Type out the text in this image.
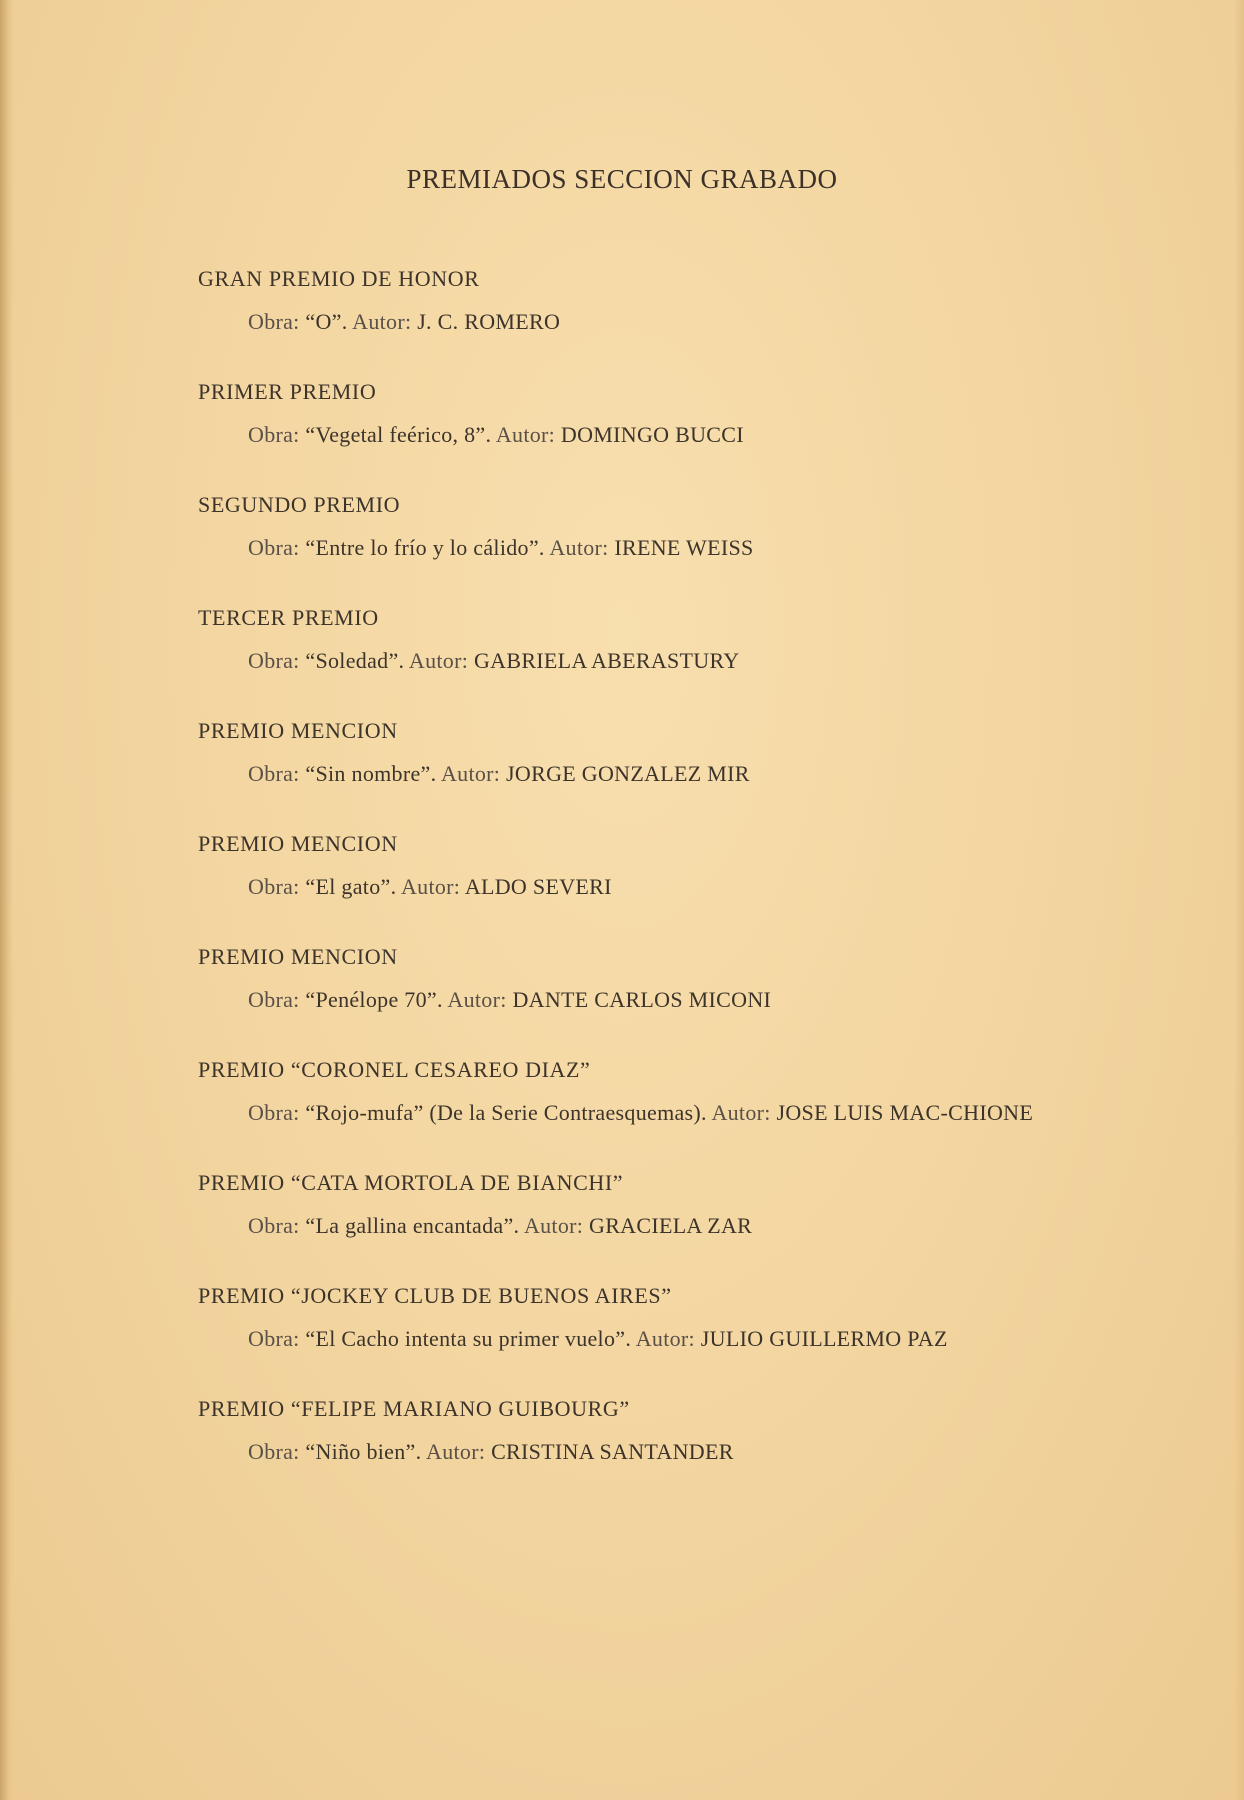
PREMIADOS SECCION GRABADO
GRAN PREMIO DE HONOR
Obra: “O”. Autor: J. C. ROMERO
PRIMER PREMIO
Obra: “Vegetal feérico, 8”. Autor: DOMINGO BUCCI
SEGUNDO PREMIO
Obra: “Entre lo frío y lo cálido”. Autor: IRENE WEISS
TERCER PREMIO
Obra: “Soledad”. Autor: GABRIELA ABERASTURY
PREMIO MENCION
Obra: “Sin nombre”. Autor: JORGE GONZALEZ MIR
PREMIO MENCION
Obra: “El gato”. Autor: ALDO SEVERI
PREMIO MENCION
Obra: “Penélope 70”. Autor: DANTE CARLOS MICONI
PREMIO “CORONEL CESAREO DIAZ”
Obra: “Rojo-mufa” (De la Serie Contraesquemas). Autor: JOSE LUIS MAC-CHIONE
PREMIO “CATA MORTOLA DE BIANCHI”
Obra: “La gallina encantada”. Autor: GRACIELA ZAR
PREMIO “JOCKEY CLUB DE BUENOS AIRES”
Obra: “El Cacho intenta su primer vuelo”. Autor: JULIO GUILLERMO PAZ
PREMIO “FELIPE MARIANO GUIBOURG”
Obra: “Niño bien”. Autor: CRISTINA SANTANDER
